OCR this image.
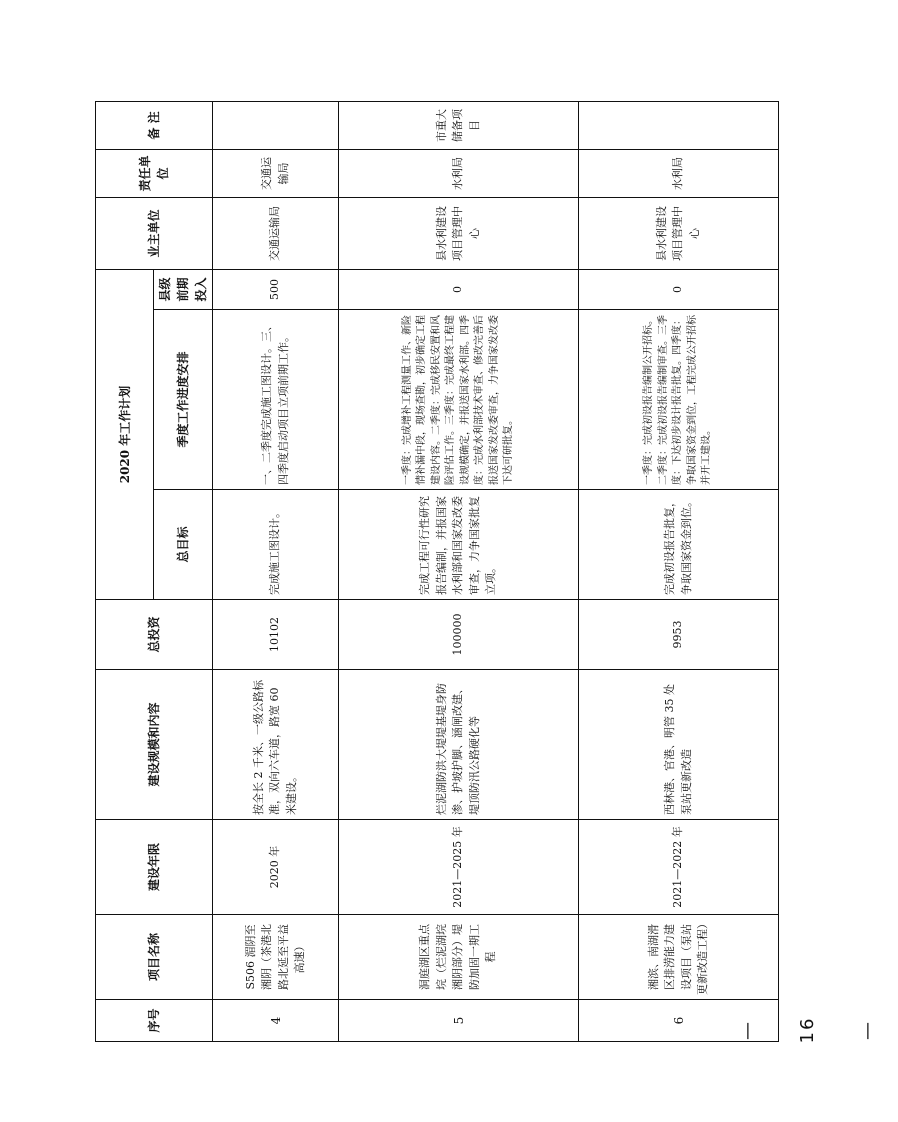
序号	项目名称	建设年限	建设规模和内容	总投资	2020 年工作计划			业主单位	责任单位	备 注
					总目标	季度工作进度安排	县级前期投入			
4	S506 湄阴至湘阴（茶港北路北延至平益高速）	2020 年	按全长 2 千米、一级公路标准，双向六车道，路宽 60 米建设。	10102	完成施工图设计。	一、二季度完成施工图设计。三、四季度启动项目立项前期工作。	500	交通运输局	交通运输局	
5	洞庭湖区重点垸（烂泥湖垸湘阴部分）堤防加固一期工程	2021—2025 年	烂泥湖防洪大堤堤基堤身防渗、护坡护脚、涵闸改建、堤顶防汛公路硬化等	100000	完成工程可行性研究报告编制，并报国家水利部和国家发改委审查，力争国家批复立项。	一季度：完成增补工程测量工作、新险情补漏中段，现场查勘，初步确定工程建设内容。二季度：完成移民安置和风险评估工作。三季度：完成最终工程建设规模确定，并报送国家水利部。四季度：完成水利部技术审查、修改完善后报送国家发改委审查，力争国家发改委下达可研批复。	0	县水利建设项目管理中心	水利局	市重大储备项目
6	湘滨、南湖滑区排涝能力建设项目（泵站更新改造工程）	2021—2022 年	西林港、官港、明管 35 处泵站更新改造	9953	完成初设报告批复，争取国家资金到位。	一季度：完成初设报告编制公开招标。二季度：完成初设报告编制审查。三季度：下达初步设计报告批复。四季度：争取国家资金到位，工程完成公开招标并开工建设。	0	县水利建设项目管理中心	水利局	
— 16 —
